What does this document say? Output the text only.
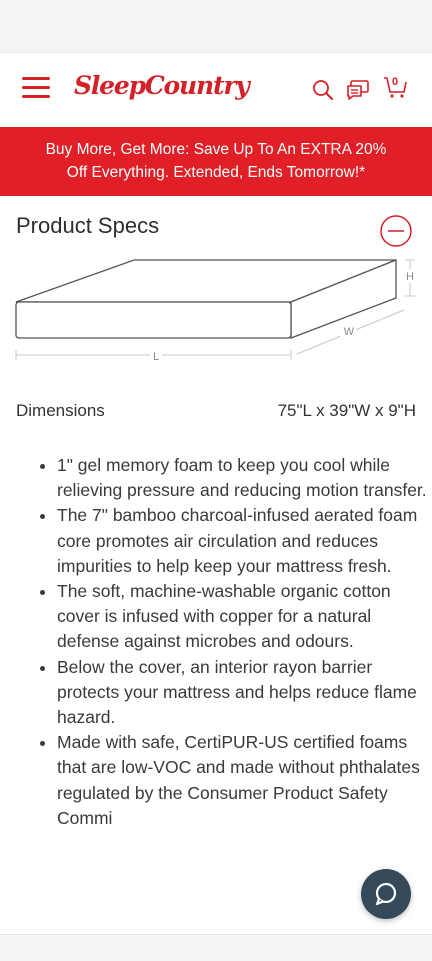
SleepCountry	0
Buy More, Get More: Save Up To An EXTRA 20%
Off Everything. Extended, Ends Tomorrow!*
Product Specs
L
W
H
Dimensions	75"L x 39"W x 9"H
• 1" gel memory foam to keep you cool while relieving pressure and reducing motion transfer.
• The 7" bamboo charcoal-infused aerated foam core promotes air circulation and reduces impurities to help keep your mattress fresh.
• The soft, machine-washable organic cotton cover is infused with copper for a natural defense against microbes and odours.
• Below the cover, an interior rayon barrier protects your mattress and helps reduce flame hazard.
• Made with safe, CertiPUR-US certified foams that are low-VOC and made without phthalates regulated by the Consumer Product Safety Commi
